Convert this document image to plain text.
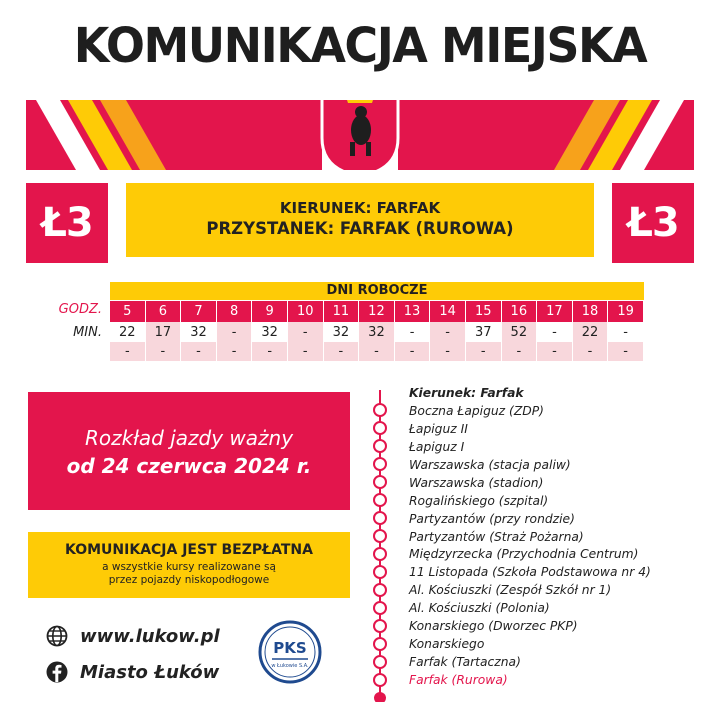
KOMUNIKACJA MIEJSKA
Ł3	Ł3
KIERUNEK: FARFAK
PRZYSTANEK: FARFAK (RUROWA)
DNI ROBOCZE
GODZ.
MIN.
5	6	7	8	9	10	11	12	13	14	15	16	17	18	19
22	17	32	-	32	-	32	32	-	-	37	52	-	22	-
-	-	-	-	-	-	-	-	-	-	-	-	-	-	-
Rozkład jazdy ważny
od 24 czerwca 2024 r.
KOMUNIKACJA JEST BEZPŁATNA
a wszystkie kursy realizowane są
przez pojazdy niskopodłogowe
www.lukow.pl
Miasto Łuków
PKS
w Łukowie S.A.
Kierunek: Farfak
Boczna Łapiguz (ZDP)
Łapiguz II
Łapiguz I
Warszawska (stacja paliw)
Warszawska (stadion)
Rogalińskiego (szpital)
Partyzantów (przy rondzie)
Partyzantów (Straż Pożarna)
Międzyrzecka (Przychodnia Centrum)
11 Listopada (Szkoła Podstawowa nr 4)
Al. Kościuszki (Zespół Szkół nr 1)
Al. Kościuszki (Polonia)
Konarskiego (Dworzec PKP)
Konarskiego
Farfak (Tartaczna)
Farfak (Rurowa)
